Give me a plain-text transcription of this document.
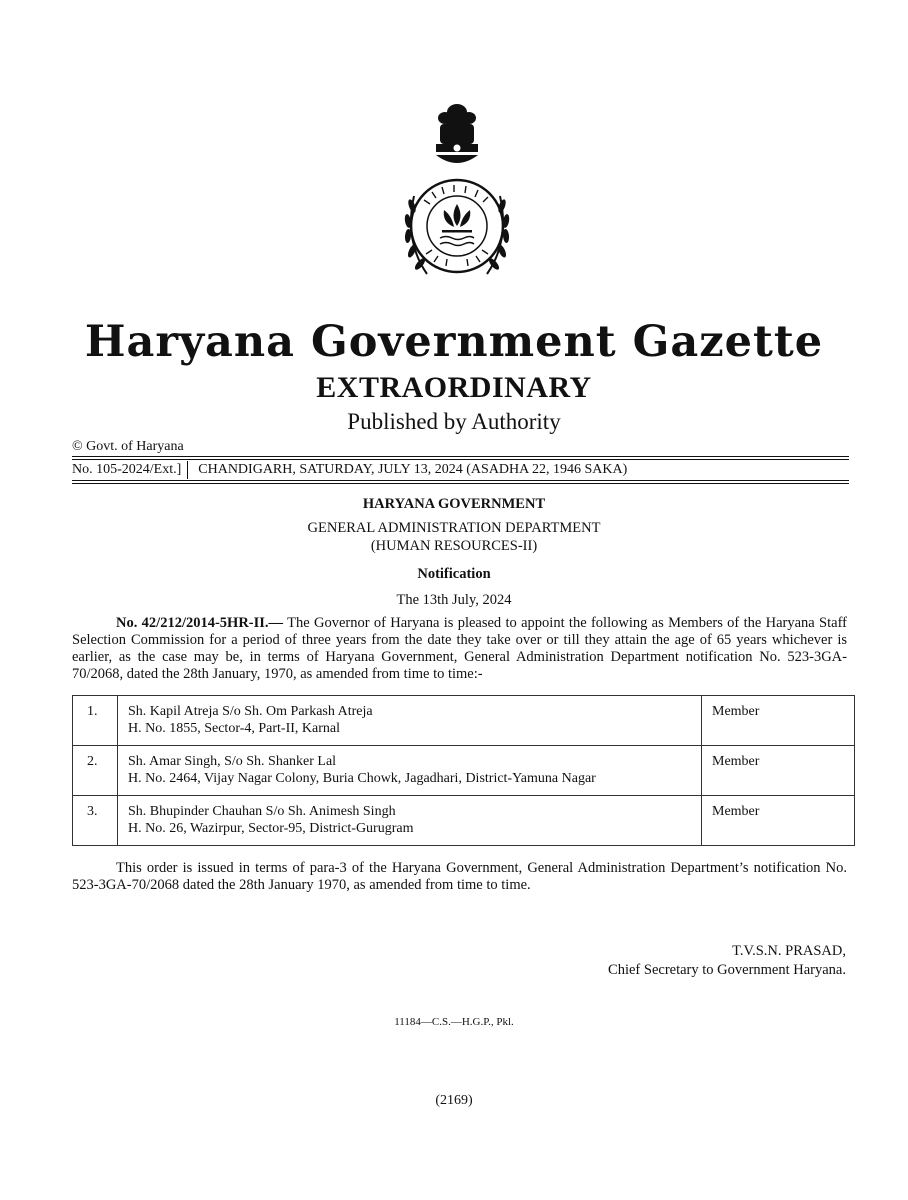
Haryana Government Gazette
EXTRAORDINARY
Published by Authority
© Govt. of Haryana
No. 105-2024/Ext.] CHANDIGARH, SATURDAY, JULY 13, 2024 (ASADHA 22, 1946 SAKA)
HARYANA GOVERNMENT
GENERAL ADMINISTRATION DEPARTMENT
(HUMAN RESOURCES-II)
Notification
The 13th July, 2024
No. 42/212/2014-5HR-II.— The Governor of Haryana is pleased to appoint the following as Members of the Haryana Staff Selection Commission for a period of three years from the date they take over or till they attain the age of 65 years whichever is earlier, as the case may be, in terms of Haryana Government, General Administration Department notification No. 523-3GA-70/2068, dated the 28th January, 1970, as amended from time to time:-
1.	Sh. Kapil Atreja S/o Sh. Om Parkash Atreja
H. No. 1855, Sector-4, Part-II, Karnal	Member
2.	Sh. Amar Singh, S/o Sh. Shanker Lal
H. No. 2464, Vijay Nagar Colony, Buria Chowk, Jagadhari, District-Yamuna Nagar	Member
3.	Sh. Bhupinder Chauhan S/o Sh. Animesh Singh
H. No. 26, Wazirpur, Sector-95, District-Gurugram	Member
This order is issued in terms of para-3 of the Haryana Government, General Administration Department’s notification No. 523-3GA-70/2068 dated the 28th January 1970, as amended from time to time.
T.V.S.N. PRASAD,
Chief Secretary to Government Haryana.
11184—C.S.—H.G.P., Pkl.
(2169)
